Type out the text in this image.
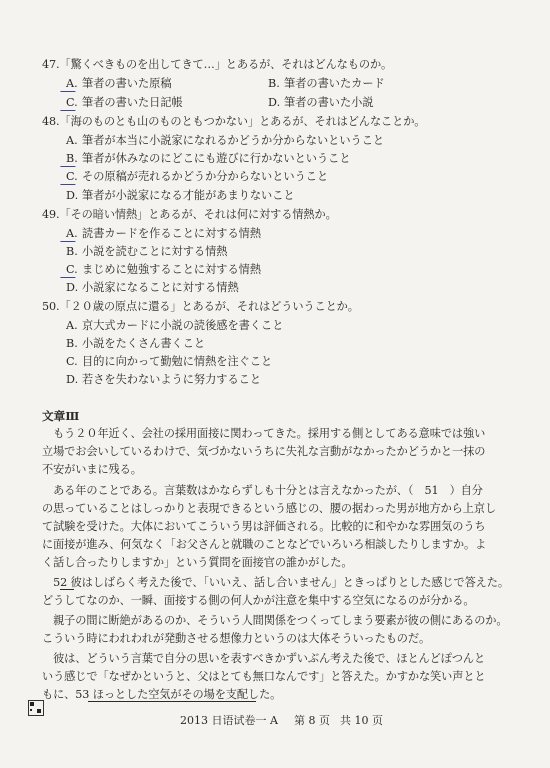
47.「驚くべきものを出してきて…」とあるが、それはどんなものか。
A. 筆者の書いた原稿	B. 筆者の書いたカード
C. 筆者の書いた日記帳	D. 筆者の書いた小説
48.「海のものとも山のものともつかない」とあるが、それはどんなことか。
A. 筆者が本当に小説家になれるかどうか分からないということ
B. 筆者が休みなのにどこにも遊びに行かないということ
C. その原稿が売れるかどうか分からないということ
D. 筆者が小説家になる才能があまりないこと
49.「その暗い情熱」とあるが、それは何に対する情熱か。
A. 読書カードを作ることに対する情熱
B. 小説を読むことに対する情熱
C. まじめに勉強することに対する情熱
D. 小説家になることに対する情熱
50.「２０歳の原点に還る」とあるが、それはどういうことか。
A. 京大式カードに小説の読後感を書くこと
B. 小説をたくさん書くこと
C. 目的に向かって勤勉に情熱を注ぐこと
D. 若さを失わないように努力すること
文章Ⅲ
　もう２０年近く、会社の採用面接に関わってきた。採用する側としてある意味では強い
立場でお会いしているわけで、気づかないうちに失礼な言動がなかったかどうかと一抹の
不安がいまに残る。
　ある年のことである。言葉数はかならずしも十分とは言えなかったが、（　51　）自分
の思っていることはしっかりと表現できるという感じの、腰の据わった男が地方から上京し
て試験を受けた。大体においてこういう男は評価される。比較的に和やかな雰囲気のうち
に面接が進み、何気なく「お父さんと就職のことなどでいろいろ相談したりしますか。よ
く話し合ったりしますか」という質問を面接官の誰かがした。
　52 彼はしばらく考えた後で、「いいえ、話し合いません」ときっぱりとした感じで答えた。
どうしてなのか、一瞬、面接する側の何人かが注意を集中する空気になるのが分かる。
　親子の間に断絶があるのか、そういう人間関係をつくってしまう要素が彼の側にあるのか。
こういう時にわれわれが発動させる想像力というのは大体そういったものだ。
　彼は、どういう言葉で自分の思いを表すべきかずいぶん考えた後で、ほとんどぽつんと
いう感じで「なぜかというと、父はとても無口なんです」と答えた。かすかな笑い声とと
もに、53 ほっとした空気がその場を支配した。
2013 日语试卷一 A 第 8 页 共 10 页
